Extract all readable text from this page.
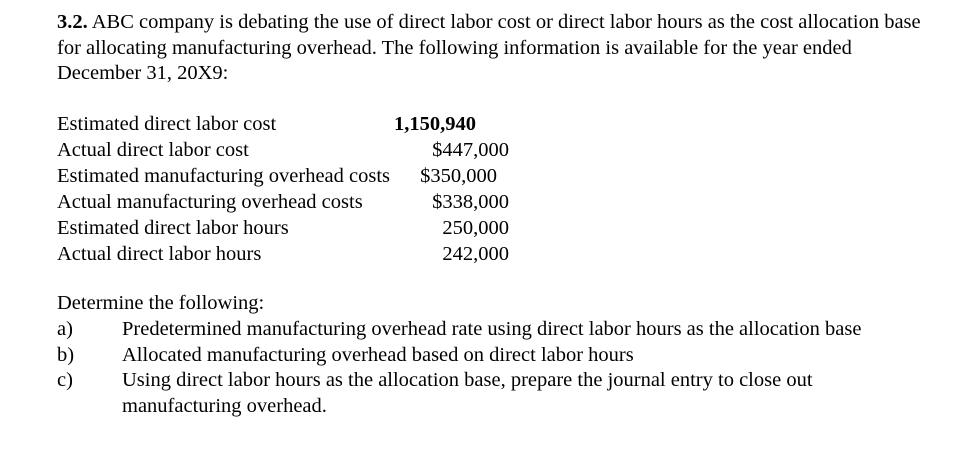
3.2. ABC company is debating the use of direct labor cost or direct labor hours as the cost allocation base for allocating manufacturing overhead. The following information is available for the year ended December 31, 20X9:
Estimated direct labor cost	1,150,940
Actual direct labor cost	$447,000
Estimated manufacturing overhead costs $350,000
Actual manufacturing overhead costs	$338,000
Estimated direct labor hours	250,000
Actual direct labor hours	242,000
Determine the following:
a)	Predetermined manufacturing overhead rate using direct labor hours as the allocation base
b)	Allocated manufacturing overhead based on direct labor hours
c)	Using direct labor hours as the allocation base, prepare the journal entry to close out manufacturing overhead.
